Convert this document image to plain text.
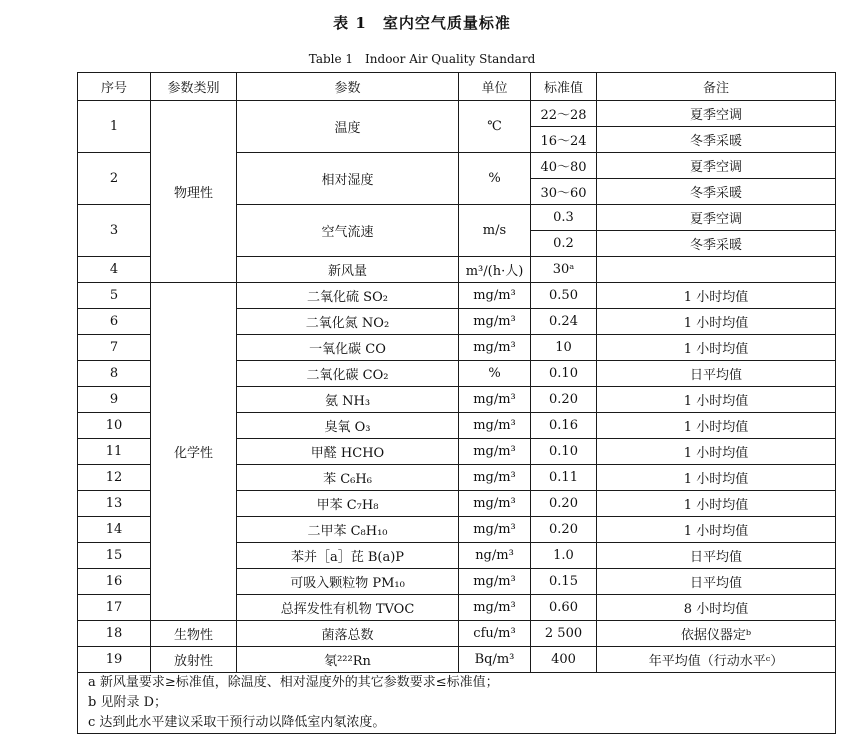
表 1　室内空气质量标准
Table 1　Indoor Air Quality Standard
序号	参数类别	参数	单位	标准值	备注
1	物理性	温度	℃	22～28	夏季空调
				16～24	冬季采暖
2		相对湿度	%	40～80	夏季空调
				30～60	冬季采暖
3		空气流速	m/s	0.3	夏季空调
				0.2	冬季采暖
4		新风量	m³/(h·人)	30ᵃ	
5	化学性	二氧化硫 SO₂	mg/m³	0.50	1 小时均值
6		二氧化氮 NO₂	mg/m³	0.24	1 小时均值
7		一氧化碳 CO	mg/m³	10	1 小时均值
8		二氧化碳 CO₂	%	0.10	日平均值
9		氨 NH₃	mg/m³	0.20	1 小时均值
10		臭氧 O₃	mg/m³	0.16	1 小时均值
11		甲醛 HCHO	mg/m³	0.10	1 小时均值
12		苯 C₆H₆	mg/m³	0.11	1 小时均值
13		甲苯 C₇H₈	mg/m³	0.20	1 小时均值
14		二甲苯 C₈H₁₀	mg/m³	0.20	1 小时均值
15		苯并［a］芘 B(a)P	ng/m³	1.0	日平均值
16		可吸入颗粒物 PM₁₀	mg/m³	0.15	日平均值
17		总挥发性有机物 TVOC	mg/m³	0.60	8 小时均值
18	生物性	菌落总数	cfu/m³	2 500	依据仪器定ᵇ
19	放射性	氡²²²Rn	Bq/m³	400	年平均值（行动水平ᶜ）

a 新风量要求≥标准值，除温度、相对湿度外的其它参数要求≤标准值；
b 见附录 D；
c 达到此水平建议采取干预行动以降低室内氡浓度。					
